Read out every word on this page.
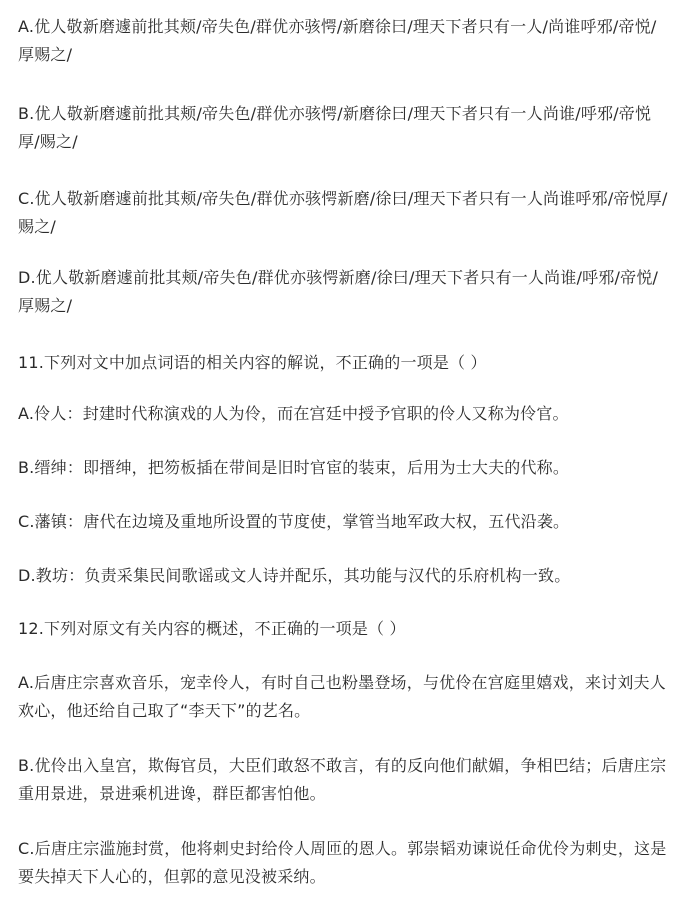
A.优人敬新磨遽前批其颊/帝失色/群优亦骇愕/新磨徐曰/理天下者只有一人/尚谁呼邪/帝悦/厚赐之/

B.优人敬新磨遽前批其颊/帝失色/群优亦骇愕/新磨徐曰/理天下者只有一人尚谁/呼邪/帝悦厚/赐之/

C.优人敬新磨遽前批其颊/帝失色/群优亦骇愕新磨/徐曰/理天下者只有一人尚谁呼邪/帝悦厚/赐之/

D.优人敬新磨遽前批其颊/帝失色/群优亦骇愕新磨/徐曰/理天下者只有一人尚谁/呼邪/帝悦/厚赐之/

11.下列对文中加点词语的相关内容的解说，不正确的一项是（ ）

A.伶人：封建时代称演戏的人为伶，而在宫廷中授予官职的伶人又称为伶官。

B.缙绅：即搢绅，把笏板插在带间是旧时官宦的装束，后用为士大夫的代称。

C.藩镇：唐代在边境及重地所设置的节度使，掌管当地军政大权，五代沿袭。

D.教坊：负责采集民间歌谣或文人诗并配乐，其功能与汉代的乐府机构一致。

12.下列对原文有关内容的概述，不正确的一项是（ ）

A.后唐庄宗喜欢音乐，宠幸伶人，有时自己也粉墨登场，与优伶在宫庭里嬉戏，来讨刘夫人欢心，他还给自己取了“李天下”的艺名。

B.优伶出入皇宫，欺侮官员，大臣们敢怒不敢言，有的反向他们献媚，争相巴结；后唐庄宗重用景进，景进乘机进谗，群臣都害怕他。

C.后唐庄宗滥施封赏，他将刺史封给伶人周匝的恩人。郭崇韬劝谏说任命优伶为刺史，这是要失掉天下人心的，但郭的意见没被采纳。
